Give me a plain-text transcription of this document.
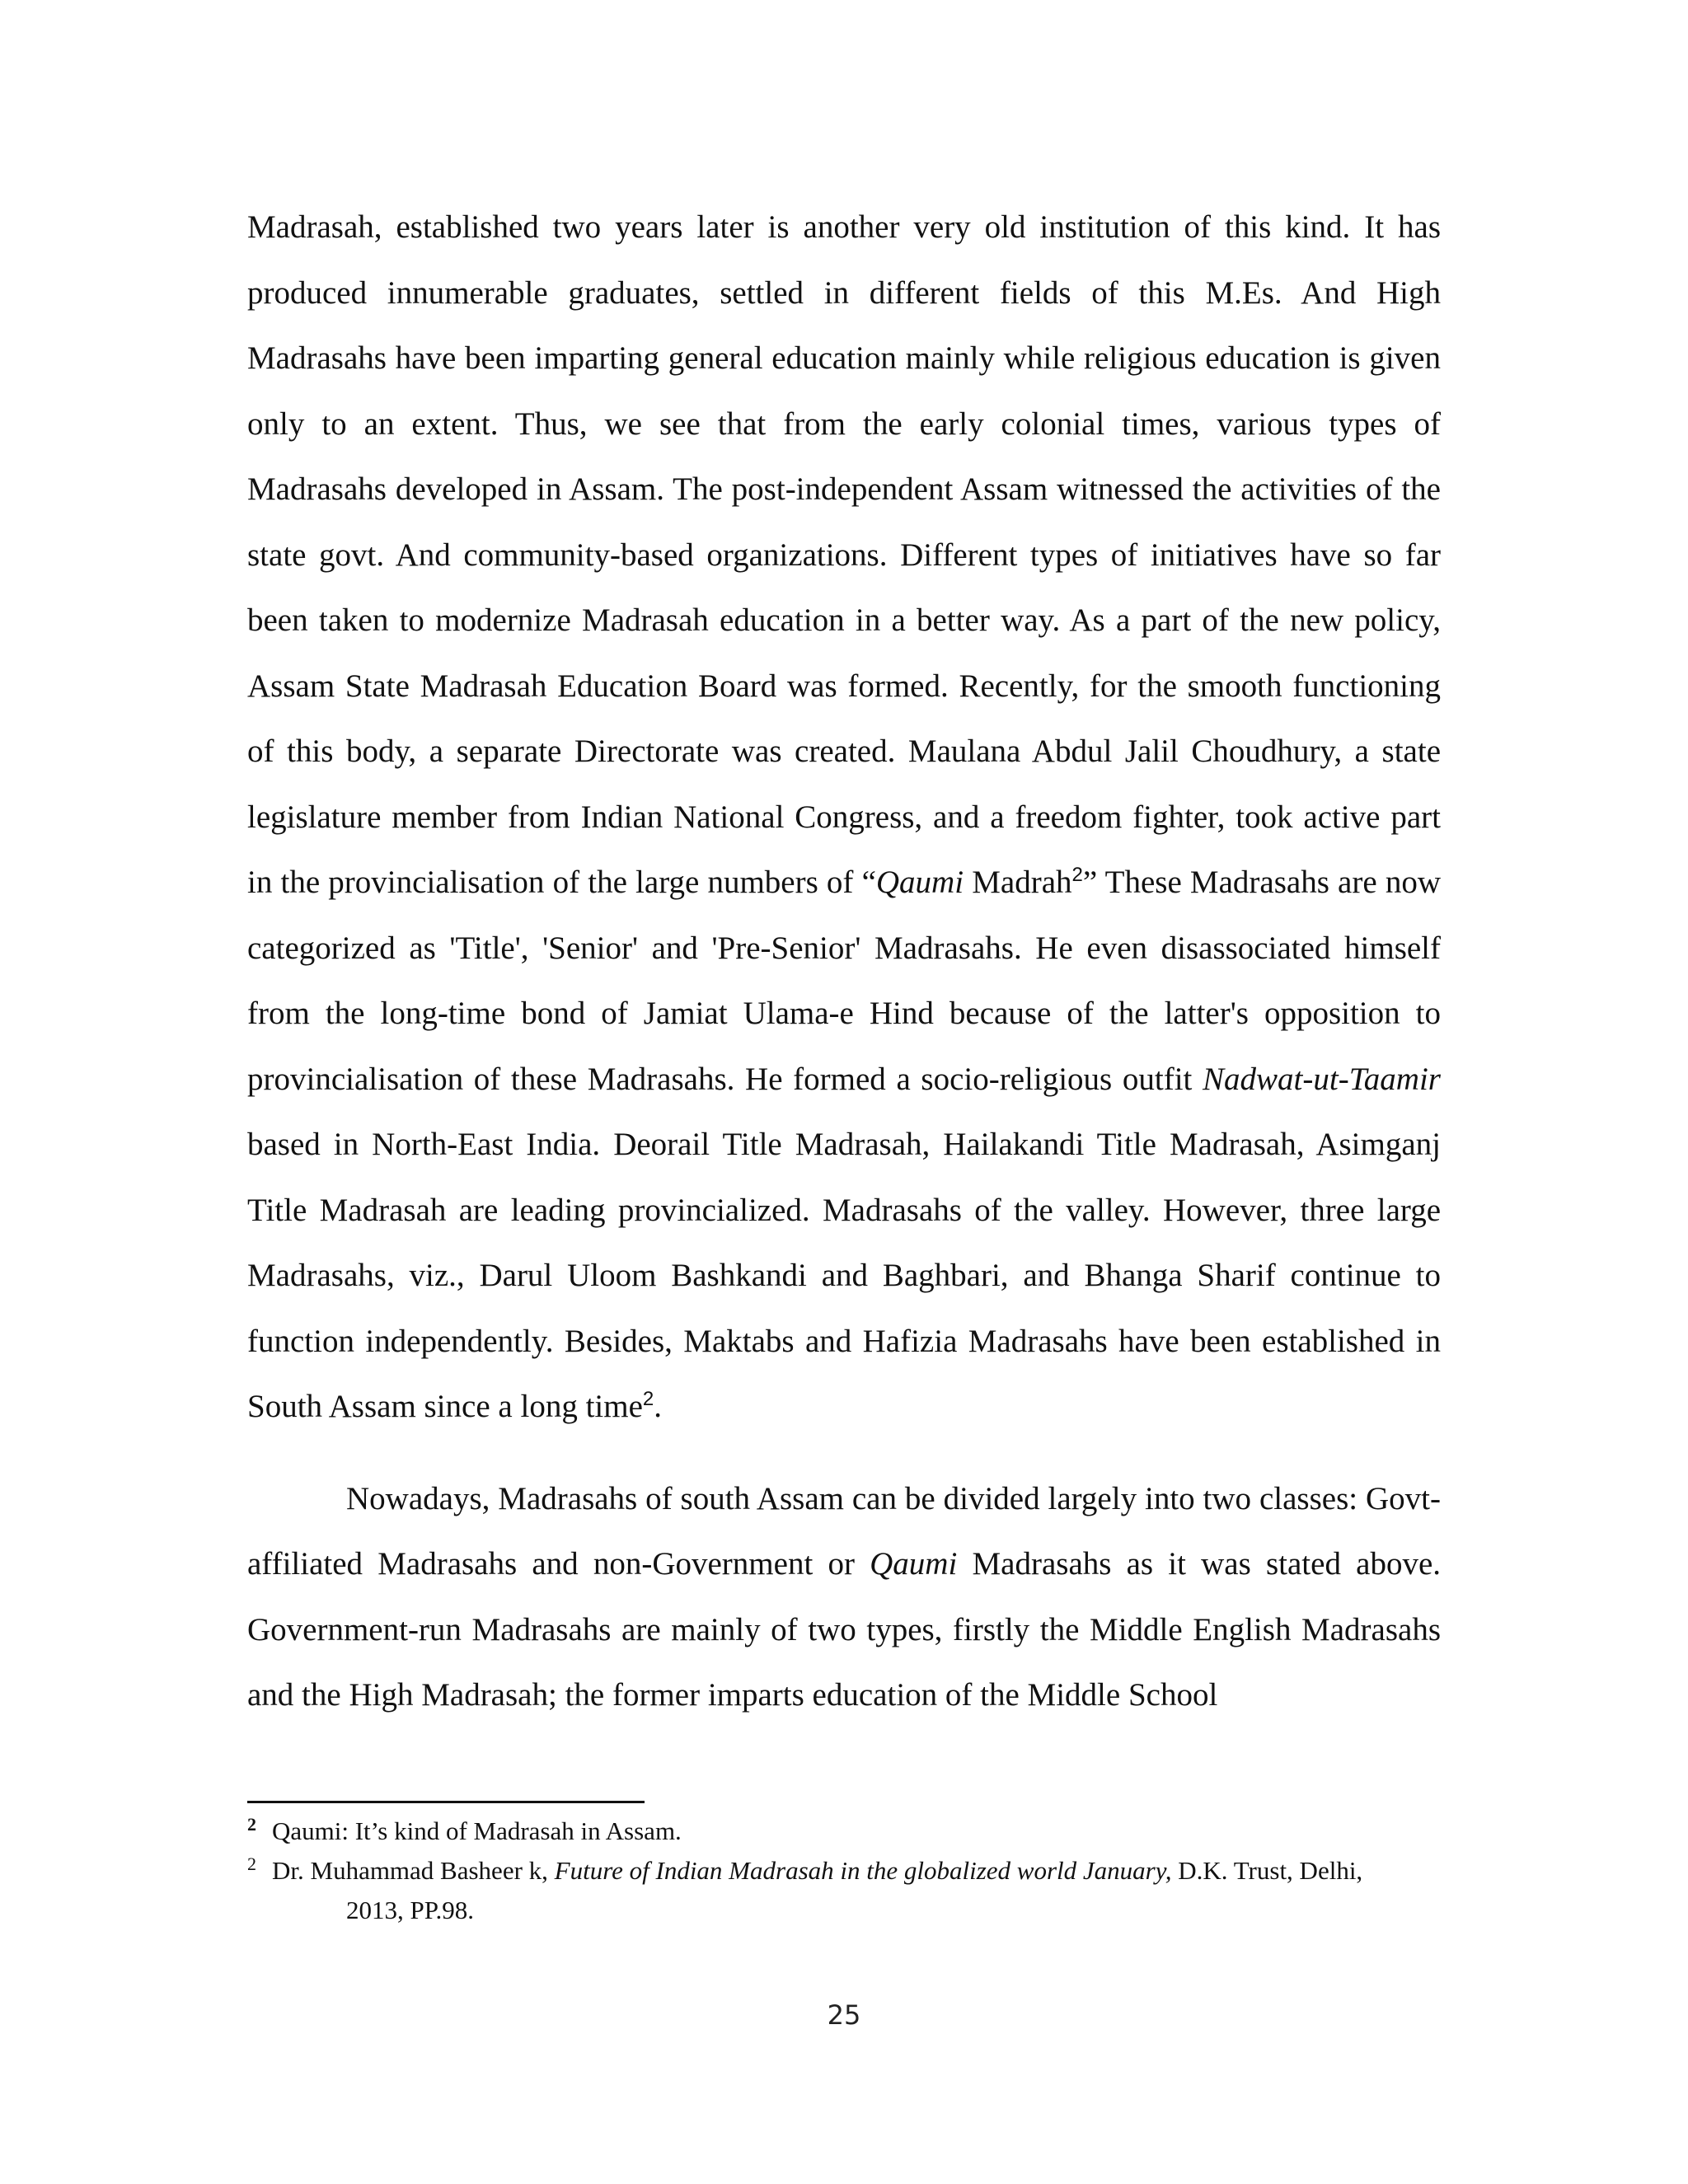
Madrasah, established two years later is another very old institution of this kind. It has produced innumerable graduates, settled in different fields of this M.Es. And High Madrasahs have been imparting general education mainly while religious education is given only to an extent. Thus, we see that from the early colonial times, various types of Madrasahs developed in Assam. The post-independent Assam witnessed the activities of the state govt. And community-based organizations. Different types of initiatives have so far been taken to modernize Madrasah education in a better way. As a part of the new policy, Assam State Madrasah Education Board was formed. Recently, for the smooth functioning of this body, a separate Directorate was created. Maulana Abdul Jalil Choudhury, a state legislature member from Indian National Congress, and a freedom fighter, took active part in the provincialisation of the large numbers of “Qaumi Madrah$^2$” These Madrasahs are now categorized as 'Title', 'Senior' and 'Pre-Senior' Madrasahs. He even disassociated himself from the long-time bond of Jamiat Ulama-e Hind because of the latter's opposition to provincialisation of these Madrasahs. He formed a socio-religious outfit Nadwat-ut-Taamir based in North-East India. Deorail Title Madrasah, Hailakandi Title Madrasah, Asimganj Title Madrasah are leading provincialized. Madrasahs of the valley. However, three large Madrasahs, viz., Darul Uloom Bashkandi and Baghbari, and Bhanga Sharif continue to function independently. Besides, Maktabs and Hafizia Madrasahs have been established in South Assam since a long time$^2$.

Nowadays, Madrasahs of south Assam can be divided largely into two classes: Govt-affiliated Madrasahs and non-Government or Qaumi Madrasahs as it was stated above. Government-run Madrasahs are mainly of two types, firstly the Middle English Madrasahs and the High Madrasah; the former imparts education of the Middle School

2 Qaumi: It’s kind of Madrasah in Assam.
2 Dr. Muhammad Basheer k, Future of Indian Madrasah in the globalized world January, D.K. Trust, Delhi,
2013, PP.98.
25
